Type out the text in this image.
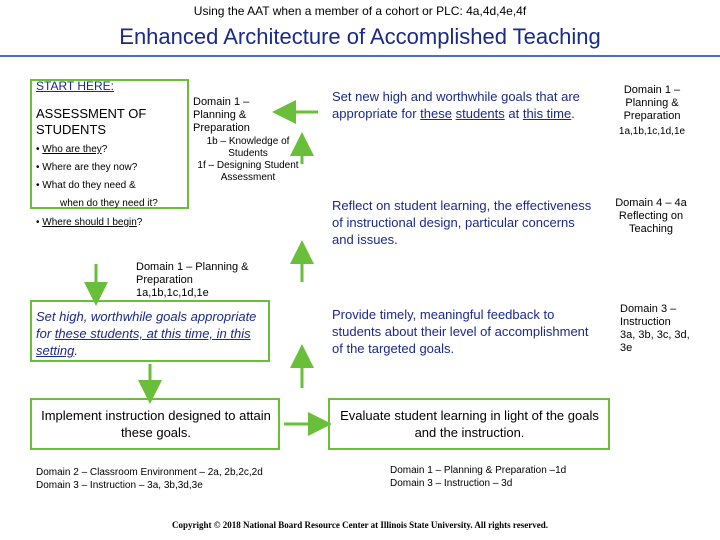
Using the AAT when a member of a cohort or PLC: 4a,4d,4e,4f
Enhanced Architecture of Accomplished Teaching
START HERE:
ASSESSMENT OF STUDENTS
• Who are they?
• Where are they now?
• What do they need &
when do they need it?
• Where should I begin?
Domain 1 – Planning & Preparation
1b – Knowledge of Students
1f – Designing Student Assessment
Set new high and worthwhile goals that are appropriate for these students at this time.
Domain 1 – Planning & Preparation
1a,1b,1c,1d,1e
Reflect on student learning, the effectiveness of instructional design, particular concerns and issues.
Domain 4 – 4a Reflecting on Teaching
Domain 1 – Planning & Preparation
1a,1b,1c,1d,1e
Set high, worthwhile goals appropriate for these students, at this time, in this setting.
Provide timely, meaningful feedback to students about their level of accomplishment of the targeted goals.
Domain 3 – Instruction
3a, 3b, 3c, 3d, 3e
Implement instruction designed to attain these goals.
Evaluate student learning in light of the goals and the instruction.
Domain 2 – Classroom Environment – 2a, 2b,2c,2d
Domain 3 – Instruction – 3a, 3b,3d,3e
Domain 1 – Planning & Preparation –1d
Domain 3 – Instruction – 3d
Copyright © 2018 National Board Resource Center at Illinois State University. All rights reserved.
